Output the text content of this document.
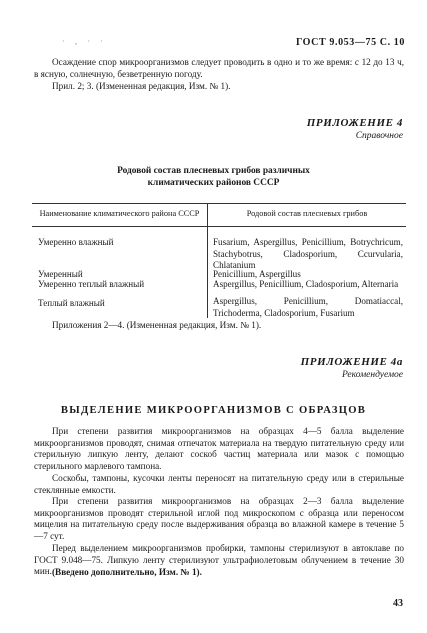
· ‚ · ·	ГОСТ 9.053—75 С. 10
Осаждение спор микроорганизмов следует проводить в одно и то же время: с 12 до 13 ч, в ясную, солнечную, безветренную погоду.
Прил. 2; 3. (Измененная редакция, Изм. № 1).
ПРИЛОЖЕНИЕ 4
Справочное
Родовой состав плесневых грибов различных
климатических районов СССР
Наименование климатического района СССР	Родовой состав плесневых грибов
Умеренно влажный	Fusarium, Aspergillus, Penicillium, Botrychricum, Stachybotrus, Cladosporium, Ccurvularia, Chlatanium
Умеренный	Penicillium, Aspergillus
Умеренно теплый влажный	Aspergillus, Penicillium, Cladosporium, Alternaria
Теплый влажный	Aspergillus, Penicillium, Domatiaccal, Trichoderma, Cladosporium, Fusarium
Приложения 2—4. (Измененная редакция, Изм. № 1).
ПРИЛОЖЕНИЕ 4а
Рекомендуемое
ВЫДЕЛЕНИЕ МИКРООРГАНИЗМОВ С ОБРАЗЦОВ
При степени развития микроорганизмов на образцах 4—5 балла выделение микроорганизмов проводят, снимая отпечаток материала на твердую питательную среду или стерильную липкую ленту, делают соскоб частиц материала или мазок с помощью стерильного марлевого тампона.
Соскобы, тампоны, кусочки ленты переносят на питательную среду или в стерильные стеклянные емкости.
При степени развития микроорганизмов на образцах 2—3 балла выделение микроорганизмов проводят стерильной иглой под микроскопом с образца или переносом мицелия на питательную среду после выдерживания образца во влажной камере в течение 5—7 сут.
Перед выделением микроорганизмов пробирки, тампоны стерилизуют в автоклаве по ГОСТ 9.048—75. Липкую ленту стерилизуют ультрафиолетовым облучением в течение 30 мин. (Введено дополнительно, Изм. № 1).
43
